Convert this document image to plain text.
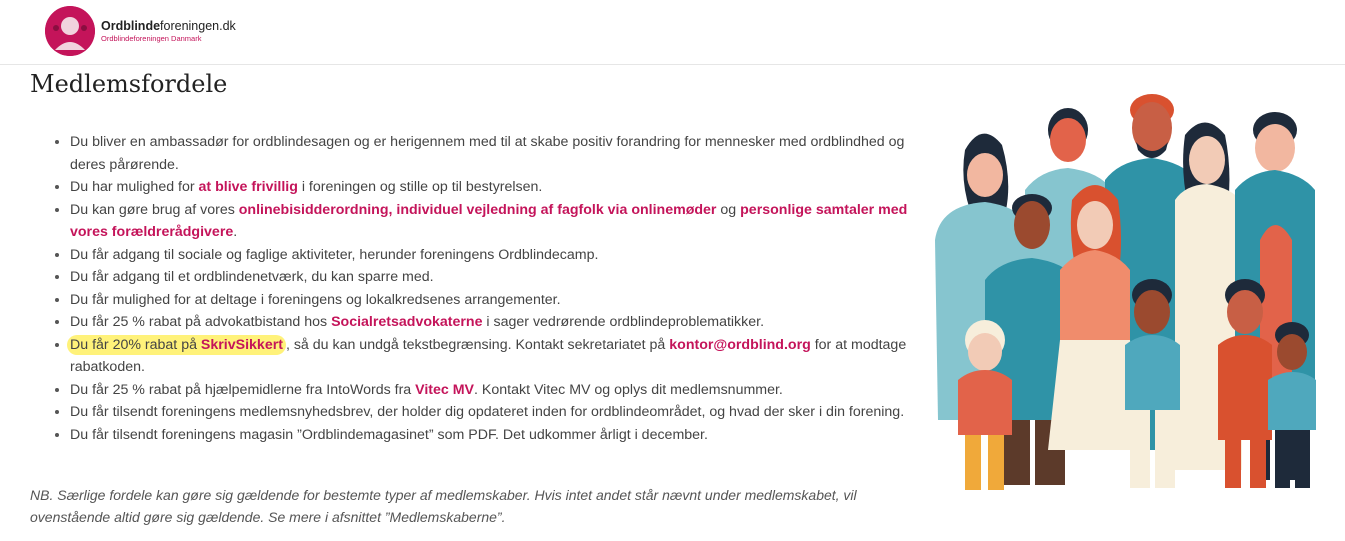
Ordblindeforeningen.dk
Ordblindeforeningen Danmark
Medlemsfordele
• Du bliver en ambassadør for ordblindesagen og er herigennem med til at skabe positiv forandring for mennesker med ordblindhed og deres pårørende.
• Du har mulighed for at blive frivillig i foreningen og stille op til bestyrelsen.
• Du kan gøre brug af vores onlinebisidderordning, individuel vejledning af fagfolk via onlinemøder og personlige samtaler med vores forældrerådgivere.
• Du får adgang til sociale og faglige aktiviteter, herunder foreningens Ordblindecamp.
• Du får adgang til et ordblindenetværk, du kan sparre med.
• Du får mulighed for at deltage i foreningens og lokalkredsenes arrangementer.
• Du får 25 % rabat på advokatbistand hos Socialretsadvokaterne i sager vedrørende ordblindeproblematikker.
• Du får 20% rabat på SkrivSikkert , så du kan undgå tekstbegrænsing. Kontakt sekretariatet på kontor@ordblind.org for at modtage rabatkoden.
• Du får 25 % rabat på hjælpemidlerne fra IntoWords fra Vitec MV. Kontakt Vitec MV og oplys dit medlemsnummer.
• Du får tilsendt foreningens medlemsnyhedsbrev, der holder dig opdateret inden for ordblindeområdet, og hvad der sker i din forening.
• Du får tilsendt foreningens magasin ”Ordblindemagasinet” som PDF. Det udkommer årligt i december.

NB. Særlige fordele kan gøre sig gældende for bestemte typer af medlemskaber. Hvis intet andet står nævnt under medlemskabet, vil ovenstående altid gøre sig gældende. Se mere i afsnittet ”Medlemskaberne”.
